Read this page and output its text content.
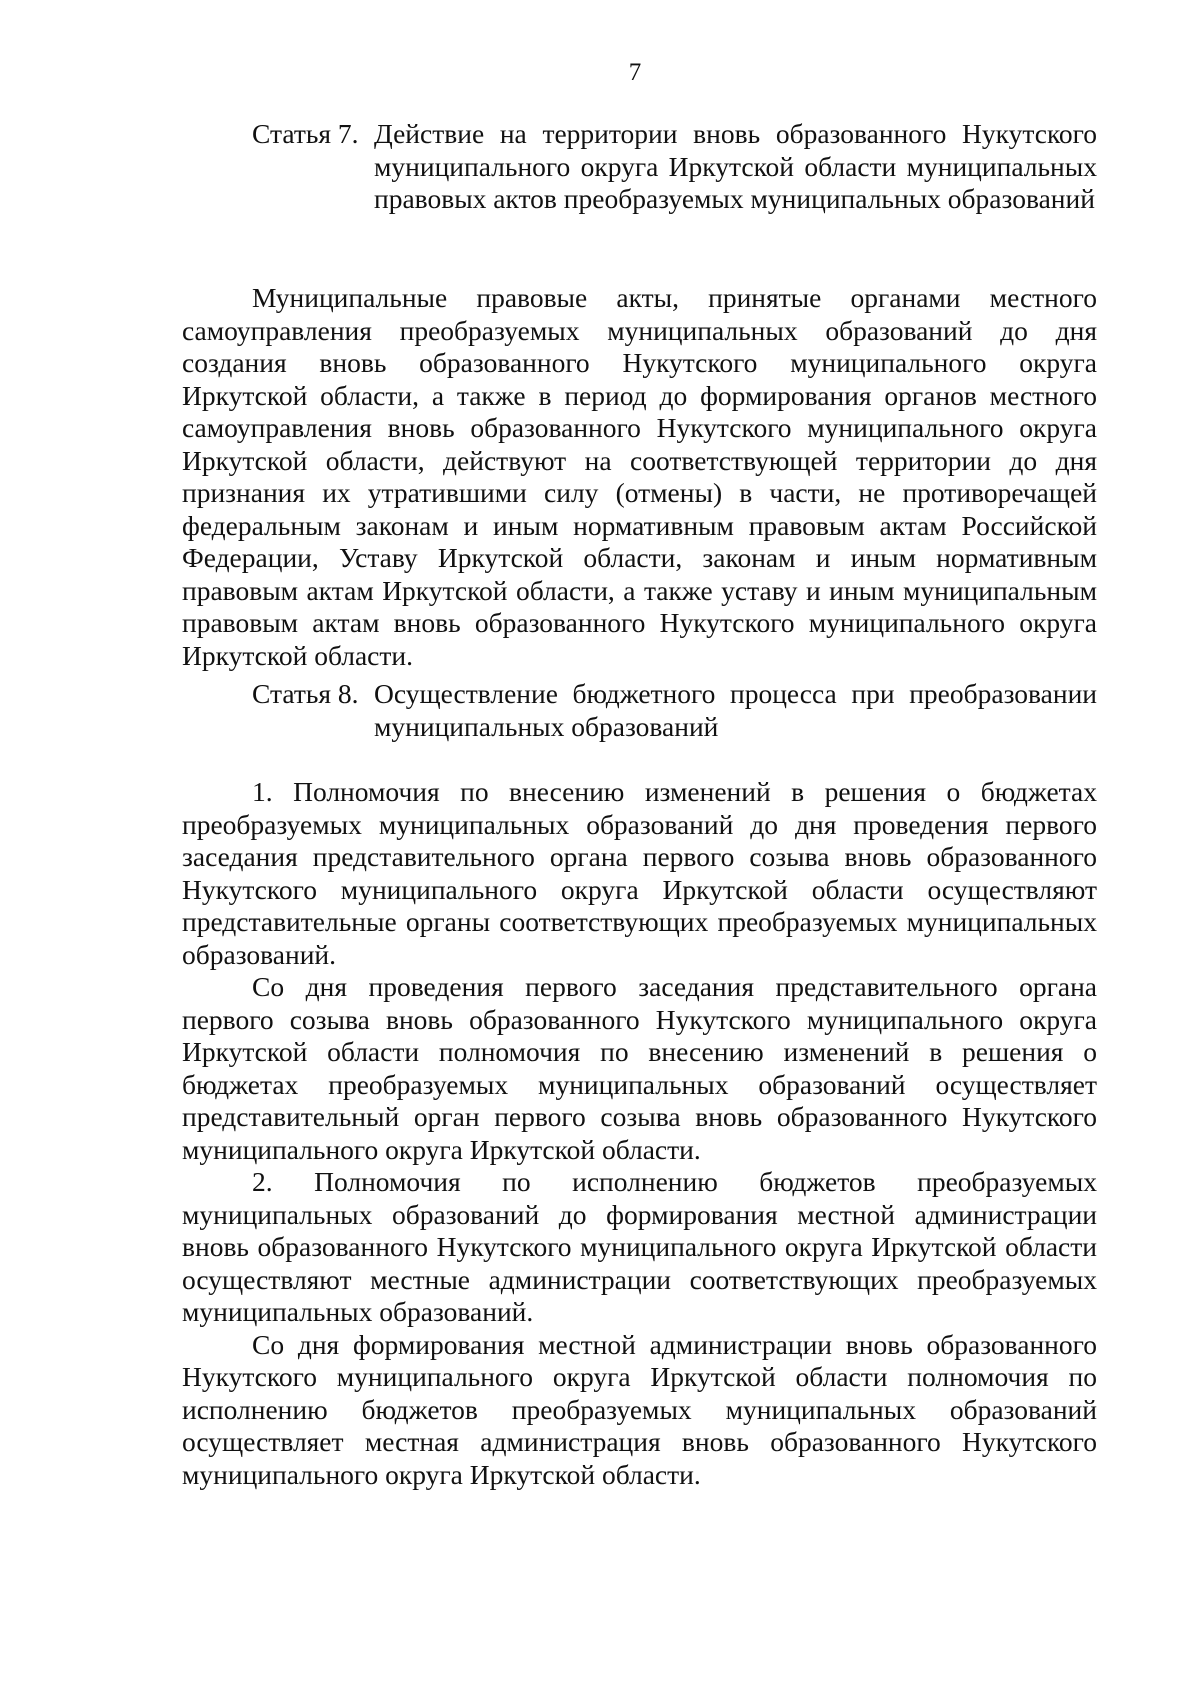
7
Статья 7. Действие на территории вновь образованного Нукутского муниципального округа Иркутской области муниципальных правовых актов преобразуемых муниципальных образований

Муниципальные правовые акты, принятые органами местного самоуправления преобразуемых муниципальных образований до дня создания вновь образованного Нукутского муниципального округа Иркутской области, а также в период до формирования органов местного самоуправления вновь образованного Нукутского муниципального округа Иркутской области, действуют на соответствующей территории до дня признания их утратившими силу (отмены) в части, не противоречащей федеральным законам и иным нормативным правовым актам Российской Федерации, Уставу Иркутской области, законам и иным нормативным правовым актам Иркутской области, а также уставу и иным муниципальным правовым актам вновь образованного Нукутского муниципального округа Иркутской области.

Статья 8. Осуществление бюджетного процесса при преобразовании муниципальных образований

1. Полномочия по внесению изменений в решения о бюджетах преобразуемых муниципальных образований до дня проведения первого заседания представительного органа первого созыва вновь образованного Нукутского муниципального округа Иркутской области осуществляют представительные органы соответствующих преобразуемых муниципальных образований.

Со дня проведения первого заседания представительного органа первого созыва вновь образованного Нукутского муниципального округа Иркутской области полномочия по внесению изменений в решения о бюджетах преобразуемых муниципальных образований осуществляет представительный орган первого созыва вновь образованного Нукутского муниципального округа Иркутской области.

2. Полномочия по исполнению бюджетов преобразуемых муниципальных образований до формирования местной администрации вновь образованного Нукутского муниципального округа Иркутской области осуществляют местные администрации соответствующих преобразуемых муниципальных образований.

Со дня формирования местной администрации вновь образованного Нукутского муниципального округа Иркутской области полномочия по исполнению бюджетов преобразуемых муниципальных образований осуществляет местная администрация вновь образованного Нукутского муниципального округа Иркутской области.
